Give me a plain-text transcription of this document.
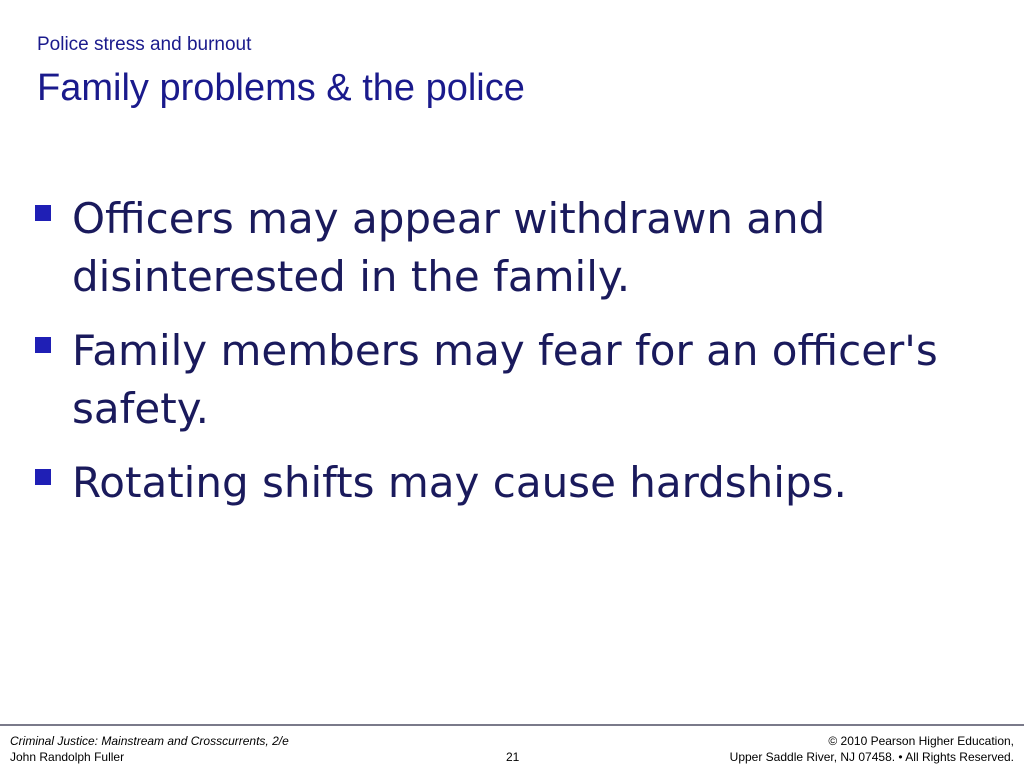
Police stress and burnout
Family problems & the police
Officers may appear withdrawn and disinterested in the family.
Family members may fear for an officer's safety.
Rotating shifts may cause hardships.
Criminal Justice: Mainstream and Crosscurrents, 2/e
John Randolph Fuller	21
© 2010 Pearson Higher Education,
Upper Saddle River, NJ 07458. • All Rights Reserved.
